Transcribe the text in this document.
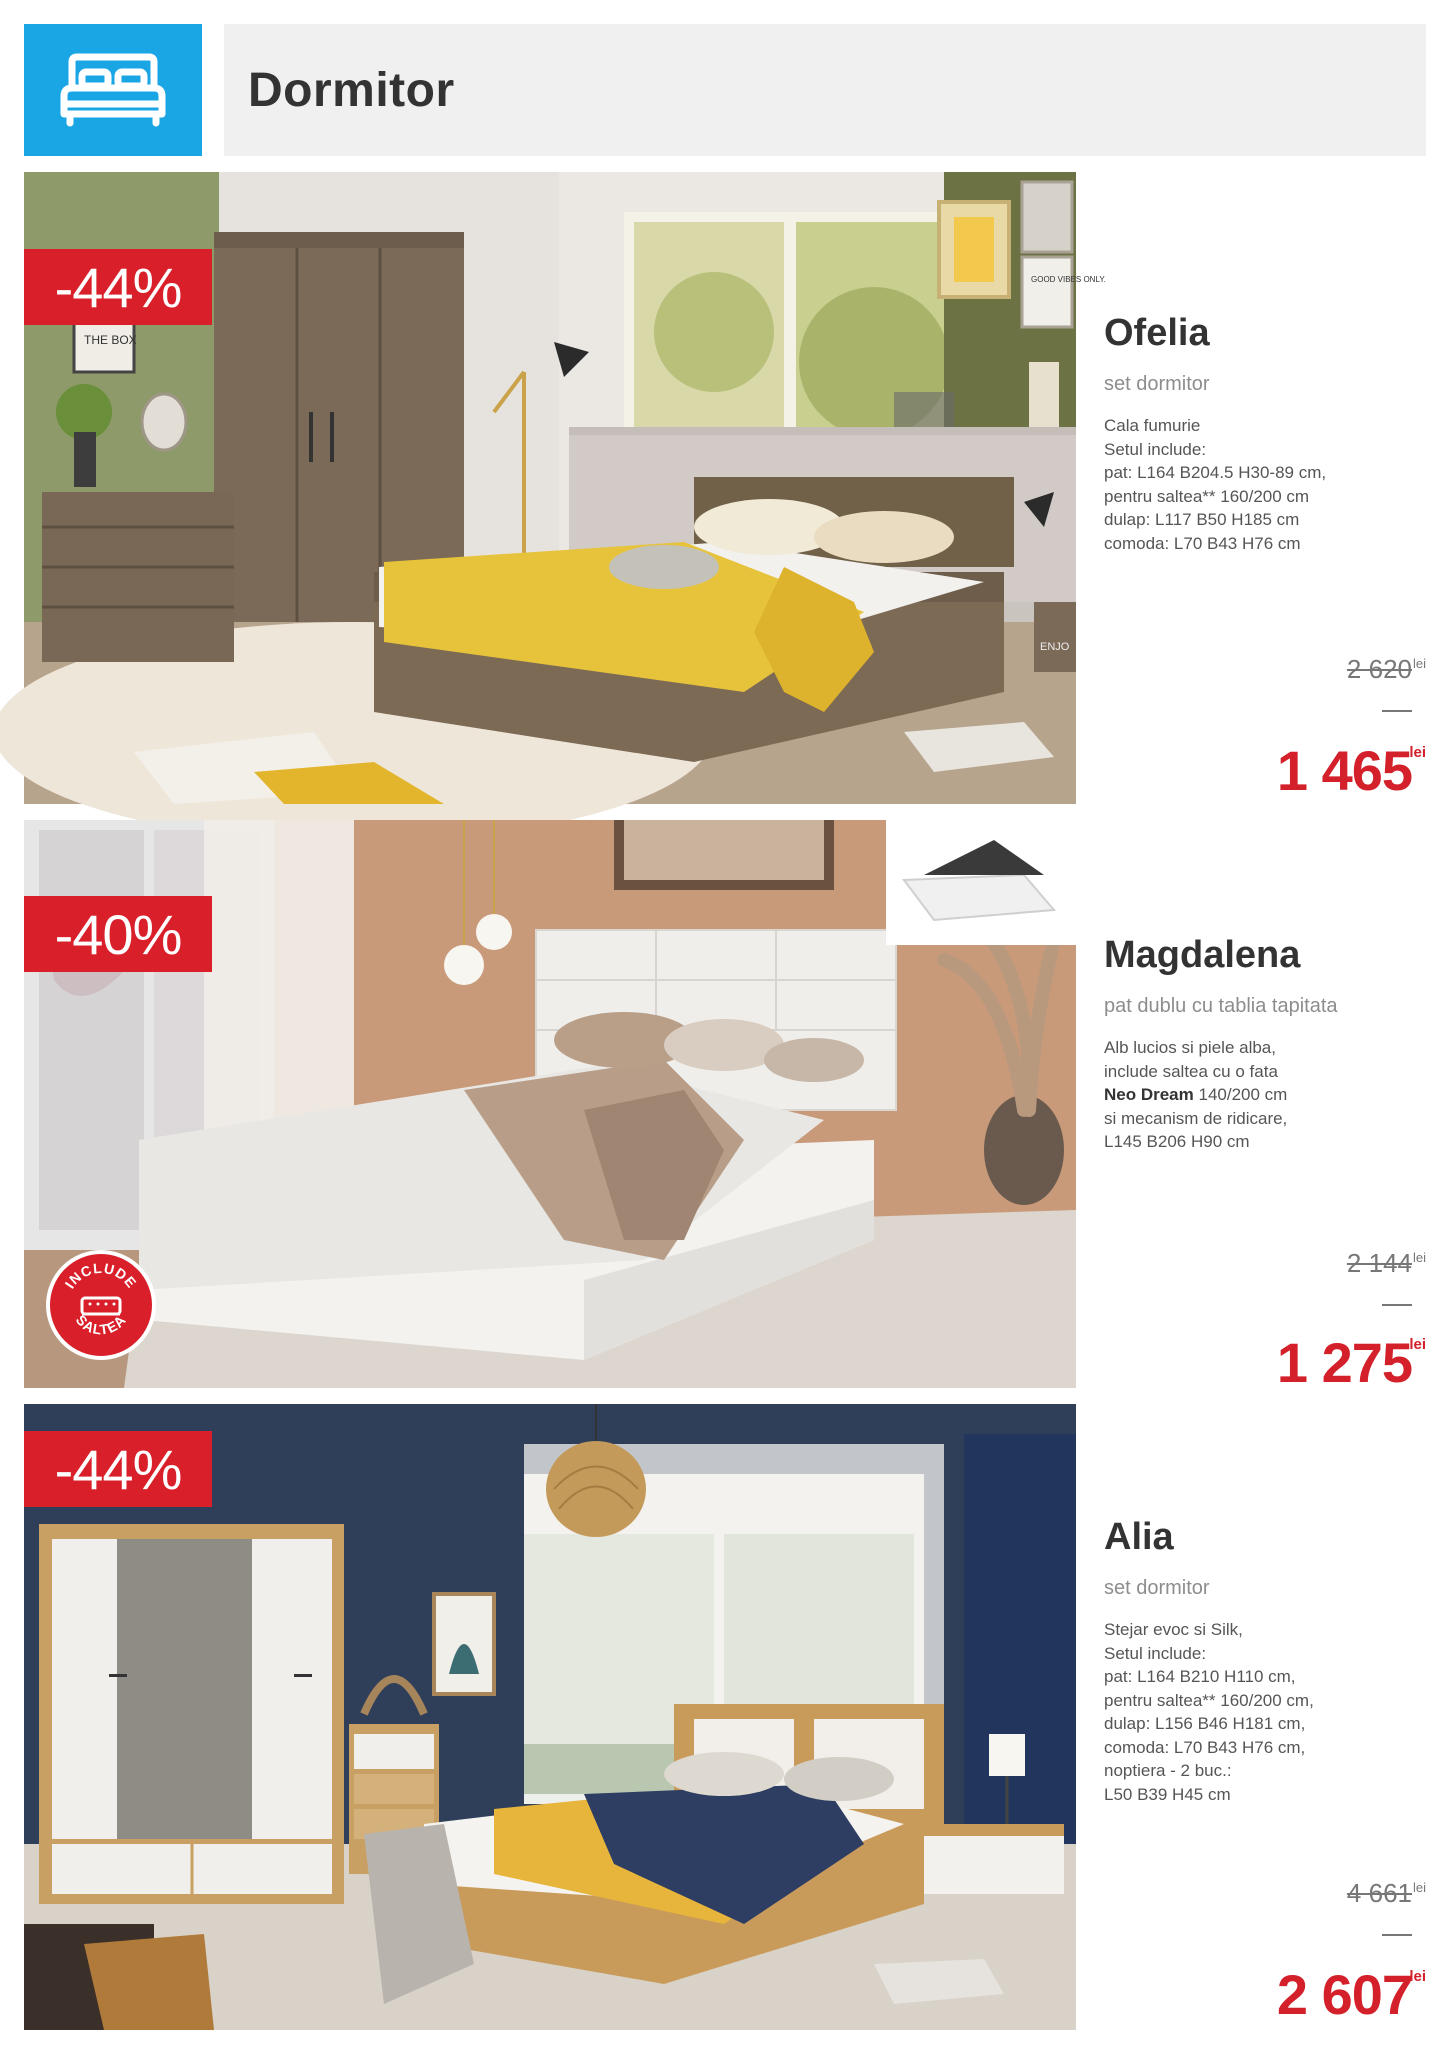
Dormitor
GOOD VIBES ONLY.
THE BOX
ENJO
-44%
Ofelia
set dormitor
Cala fumurie
Setul include:
pat: L164 B204.5 H30-89 cm,
pentru saltea** 160/200 cm
dulap: L117 B50 H185 cm
comoda: L70 B43 H76 cm
2 620 lei
1 465
lei
-40%
INCLUDE
SALTEA
Magdalena
pat dublu cu tablia tapitata
Alb lucios si piele alba,
include saltea cu o fata
Neo Dream 140/200 cm
si mecanism de ridicare,
L145 B206 H90 cm
2 144 lei
1 275
lei
-44%
Alia
set dormitor
Stejar evoc si Silk,
Setul include:
pat: L164 B210 H110 cm,
pentru saltea** 160/200 cm,
dulap: L156 B46 H181 cm,
comoda: L70 B43 H76 cm,
noptiera - 2 buc.:
L50 B39 H45 cm
4 661 lei
2 607
lei
